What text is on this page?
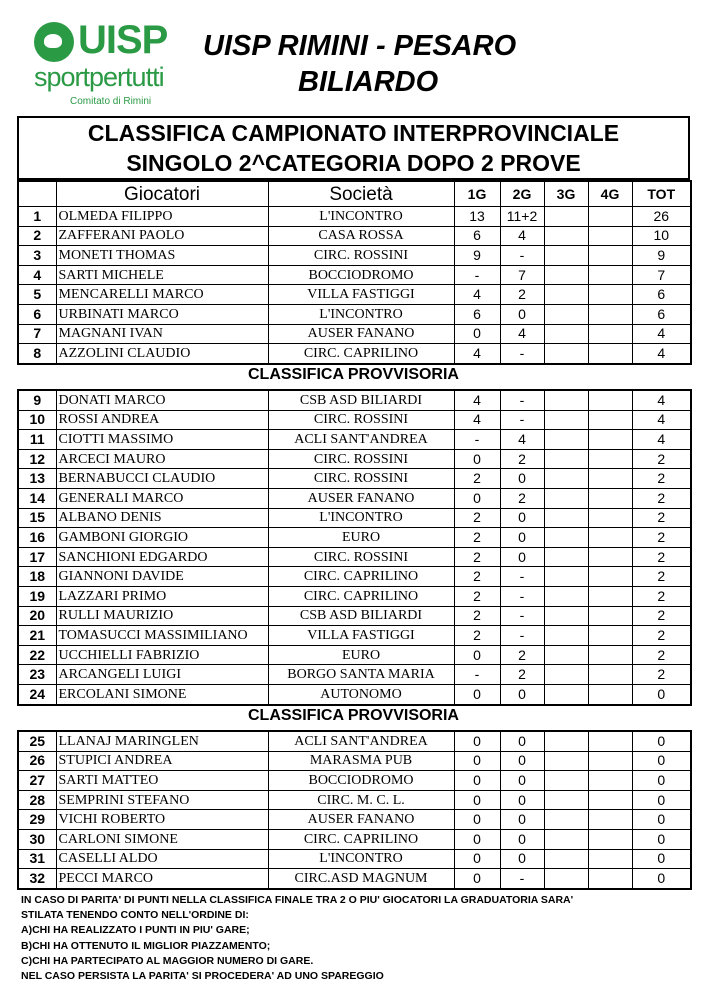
UISP
sportpertutti
Comitato di Rimini
UISP RIMINI - PESARO
BILIARDO
CLASSIFICA CAMPIONATO INTERPROVINCIALE
SINGOLO 2^CATEGORIA DOPO 2 PROVE
	Giocatori	Società	1G	2G	3G	4G	TOT
1	OLMEDA FILIPPO	L'INCONTRO	13	11+2			26
2	ZAFFERANI PAOLO	CASA ROSSA	6	4			10
3	MONETI THOMAS	CIRC. ROSSINI	9	-			9
4	SARTI MICHELE	BOCCIODROMO	-	7			7
5	MENCARELLI MARCO	VILLA FASTIGGI	4	2			6
6	URBINATI MARCO	L'INCONTRO	6	0			6
7	MAGNANI IVAN	AUSER FANANO	0	4			4
8	AZZOLINI CLAUDIO	CIRC. CAPRILINO	4	-			4
CLASSIFICA PROVVISORIA
9	DONATI MARCO	CSB ASD BILIARDI	4	-			4
10	ROSSI ANDREA	CIRC. ROSSINI	4	-			4
11	CIOTTI MASSIMO	ACLI SANT'ANDREA	-	4			4
12	ARCECI MAURO	CIRC. ROSSINI	0	2			2
13	BERNABUCCI CLAUDIO	CIRC. ROSSINI	2	0			2
14	GENERALI MARCO	AUSER FANANO	0	2			2
15	ALBANO DENIS	L'INCONTRO	2	0			2
16	GAMBONI GIORGIO	EURO	2	0			2
17	SANCHIONI EDGARDO	CIRC. ROSSINI	2	0			2
18	GIANNONI DAVIDE	CIRC. CAPRILINO	2	-			2
19	LAZZARI PRIMO	CIRC. CAPRILINO	2	-			2
20	RULLI MAURIZIO	CSB ASD BILIARDI	2	-			2
21	TOMASUCCI MASSIMILIANO	VILLA FASTIGGI	2	-			2
22	UCCHIELLI FABRIZIO	EURO	0	2			2
23	ARCANGELI LUIGI	BORGO SANTA MARIA	-	2			2
24	ERCOLANI SIMONE	AUTONOMO	0	0			0
CLASSIFICA PROVVISORIA
25	LLANAJ MARINGLEN	ACLI SANT'ANDREA	0	0			0
26	STUPICI ANDREA	MARASMA PUB	0	0			0
27	SARTI MATTEO	BOCCIODROMO	0	0			0
28	SEMPRINI STEFANO	CIRC. M. C. L.	0	0			0
29	VICHI ROBERTO	AUSER FANANO	0	0			0
30	CARLONI SIMONE	CIRC. CAPRILINO	0	0			0
31	CASELLI ALDO	L'INCONTRO	0	0			0
32	PECCI MARCO	CIRC.ASD MAGNUM	0	-			0
IN CASO DI PARITA' DI PUNTI NELLA CLASSIFICA FINALE TRA 2 O PIU' GIOCATORI LA GRADUATORIA SARA'
STILATA TENENDO CONTO NELL'ORDINE DI:
A)CHI HA REALIZZATO I PUNTI IN PIU' GARE;
B)CHI HA OTTENUTO IL MIGLIOR PIAZZAMENTO;
C)CHI HA PARTECIPATO AL MAGGIOR NUMERO DI GARE.
NEL CASO PERSISTA LA PARITA' SI PROCEDERA' AD UNO SPAREGGIO
